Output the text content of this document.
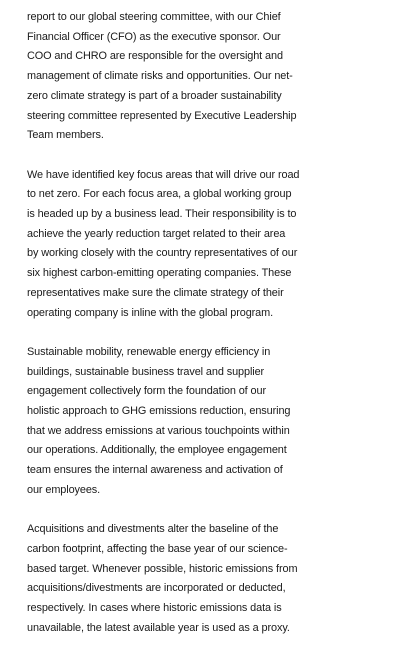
report to our global steering committee, with our Chief
Financial Officer (CFO) as the executive sponsor. Our
COO and CHRO are responsible for the oversight and
management of climate risks and opportunities. Our net-
zero climate strategy is part of a broader sustainability
steering committee represented by Executive Leadership
Team members.

We have identified key focus areas that will drive our road
to net zero. For each focus area, a global working group
is headed up by a business lead. Their responsibility is to
achieve the yearly reduction target related to their area
by working closely with the country representatives of our
six highest carbon-emitting operating companies. These
representatives make sure the climate strategy of their
operating company is inline with the global program.

Sustainable mobility, renewable energy efficiency in
buildings, sustainable business travel and supplier
engagement collectively form the foundation of our
holistic approach to GHG emissions reduction, ensuring
that we address emissions at various touchpoints within
our operations. Additionally, the employee engagement
team ensures the internal awareness and activation of
our employees.

Acquisitions and divestments alter the baseline of the
carbon footprint, affecting the base year of our science-
based target. Whenever possible, historic emissions from
acquisitions/divestments are incorporated or deducted,
respectively. In cases where historic emissions data is
unavailable, the latest available year is used as a proxy.
